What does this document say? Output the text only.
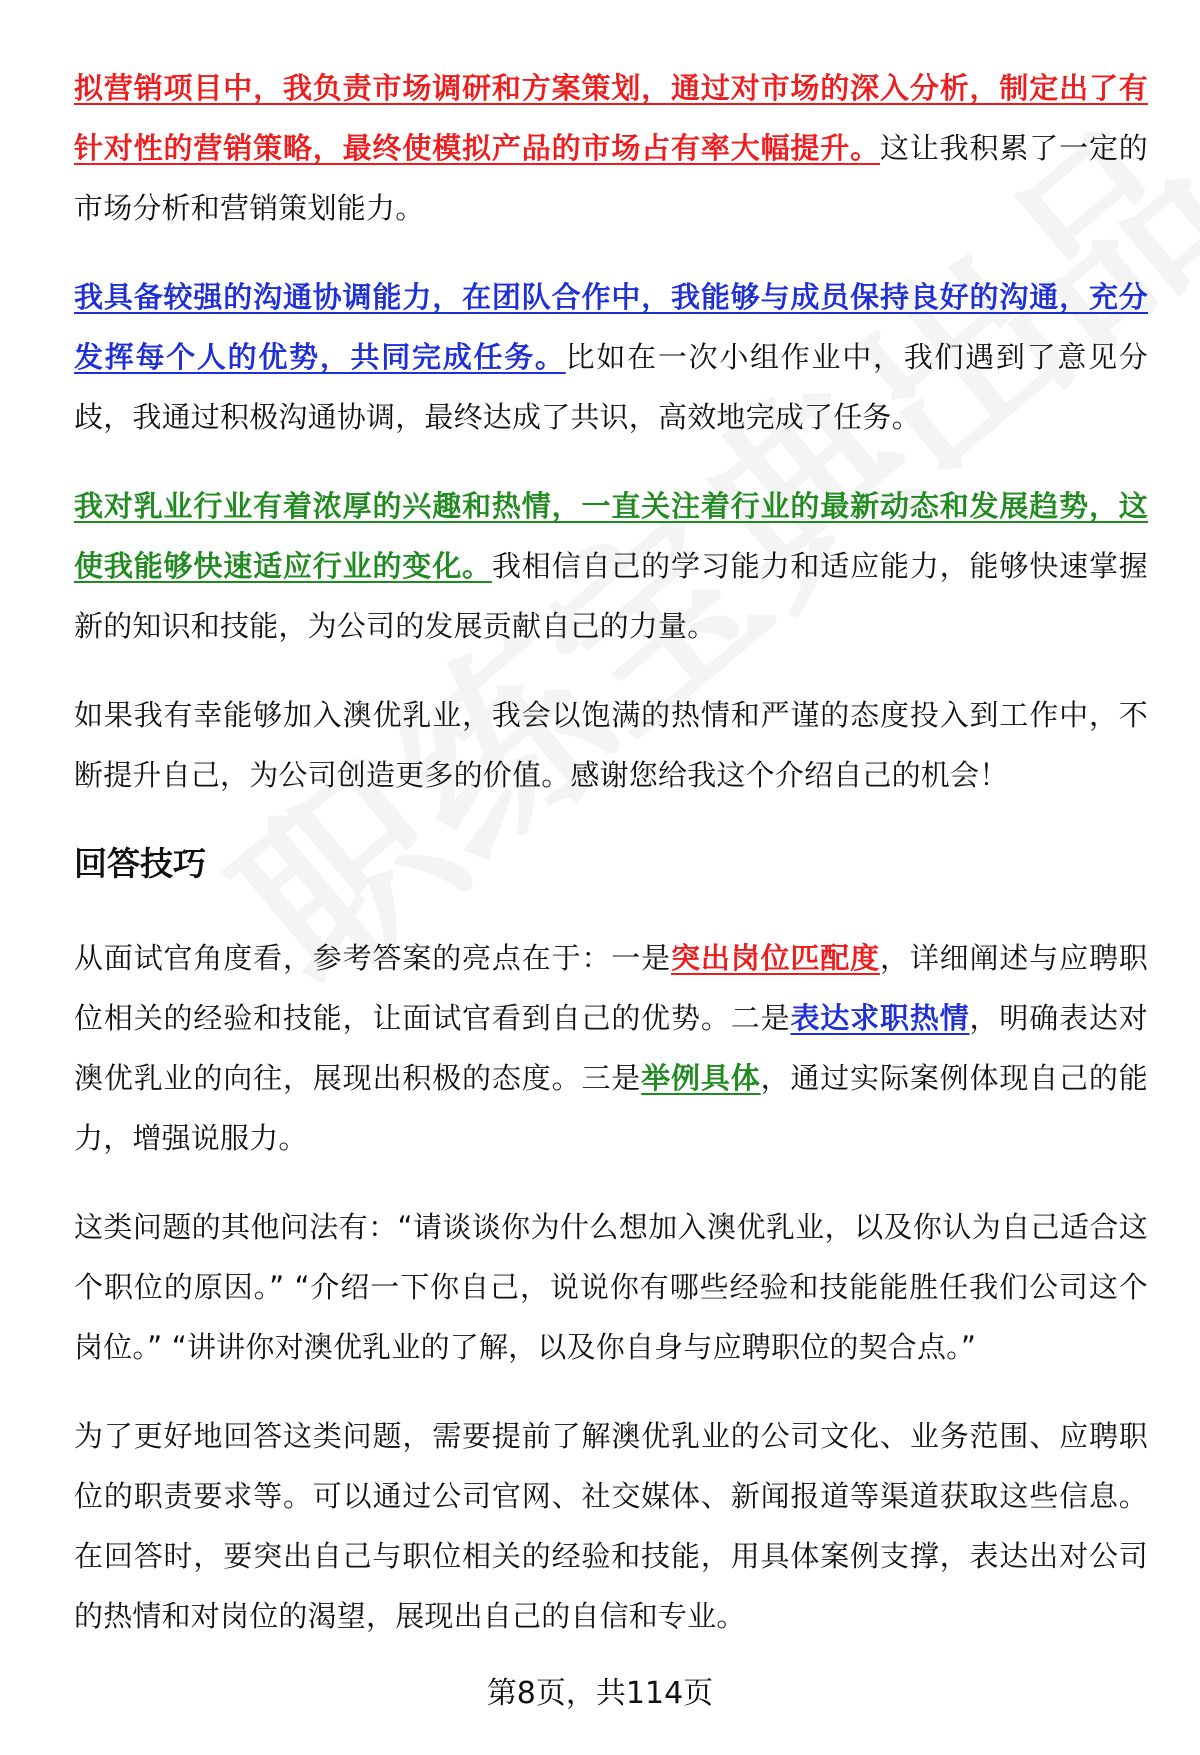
拟营销项目中，我负责市场调研和方案策划，通过对市场的深入分析，制定出了有针对性的营销策略，最终使模拟产品的市场占有率大幅提升。这让我积累了一定的市场分析和营销策划能力。

我具备较强的沟通协调能力，在团队合作中，我能够与成员保持良好的沟通，充分发挥每个人的优势，共同完成任务。比如在一次小组作业中，我们遇到了意见分歧，我通过积极沟通协调，最终达成了共识，高效地完成了任务。

我对乳业行业有着浓厚的兴趣和热情，一直关注着行业的最新动态和发展趋势，这使我能够快速适应行业的变化。我相信自己的学习能力和适应能力，能够快速掌握新的知识和技能，为公司的发展贡献自己的力量。

如果我有幸能够加入澳优乳业，我会以饱满的热情和严谨的态度投入到工作中，不断提升自己，为公司创造更多的价值。感谢您给我这个介绍自己的机会！

回答技巧

从面试官角度看，参考答案的亮点在于：一是突出岗位匹配度，详细阐述与应聘职位相关的经验和技能，让面试官看到自己的优势。二是表达求职热情，明确表达对澳优乳业的向往，展现出积极的态度。三是举例具体，通过实际案例体现自己的能力，增强说服力。

这类问题的其他问法有：“请谈谈你为什么想加入澳优乳业，以及你认为自己适合这个职位的原因。” “介绍一下你自己，说说你有哪些经验和技能能胜任我们公司这个岗位。” “讲讲你对澳优乳业的了解，以及你自身与应聘职位的契合点。”

为了更好地回答这类问题，需要提前了解澳优乳业的公司文化、业务范围、应聘职位的职责要求等。可以通过公司官网、社交媒体、新闻报道等渠道获取这些信息。在回答时，要突出自己与职位相关的经验和技能，用具体案例支撑，表达出对公司的热情和对岗位的渴望，展现出自己的自信和专业。

第8页，共114页
